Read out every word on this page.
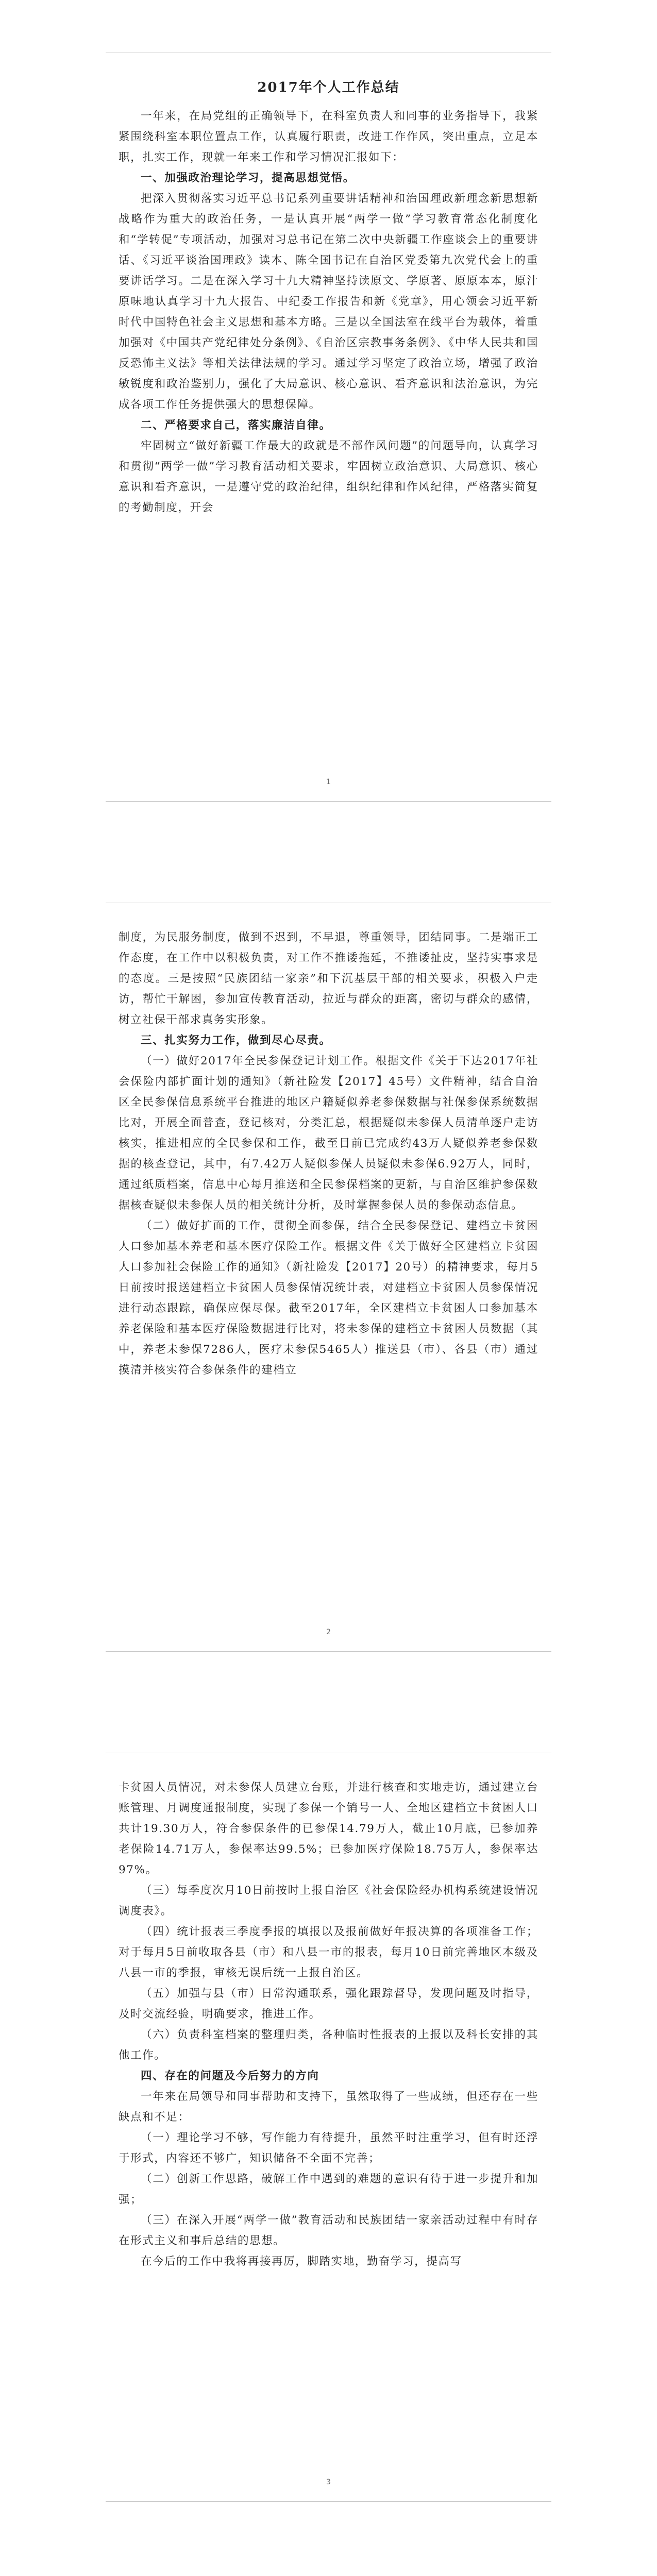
2017年个人工作总结

一年来，在局党组的正确领导下，在科室负责人和同事的业务指导下，我紧紧围绕科室本职位置点工作，认真履行职责，改进工作作风，突出重点，立足本职，扎实工作，现就一年来工作和学习情况汇报如下：

一、加强政治理论学习，提高思想觉悟。

把深入贯彻落实习近平总书记系列重要讲话精神和治国理政新理念新思想新战略作为重大的政治任务，一是认真开展“两学一做”学习教育常态化制度化和“学转促”专项活动，加强对习总书记在第二次中央新疆工作座谈会上的重要讲话、《习近平谈治国理政》读本、陈全国书记在自治区党委第九次党代会上的重要讲话学习。二是在深入学习十九大精神坚持读原文、学原著、原原本本，原汁原味地认真学习十九大报告、中纪委工作报告和新《党章》，用心领会习近平新时代中国特色社会主义思想和基本方略。三是以全国法室在线平台为载体，着重加强对《中国共产党纪律处分条例》、《自治区宗教事务条例》、《中华人民共和国反恐怖主义法》等相关法律法规的学习。通过学习坚定了政治立场，增强了政治敏锐度和政治鉴别力，强化了大局意识、核心意识、看齐意识和法治意识，为完成各项工作任务提供强大的思想保障。

二、严格要求自己，落实廉洁自律。

牢固树立“做好新疆工作最大的政就是不部作风问题”的问题导向，认真学习和贯彻“两学一做”学习教育活动相关要求，牢固树立政治意识、大局意识、核心意识和看齐意识，一是遵守党的政治纪律，组织纪律和作风纪律，严格落实简复的考勤制度，开会

1

制度，为民服务制度，做到不迟到，不早退，尊重领导，团结同事。二是端正工作态度，在工作中以积极负责，对工作不推诿拖延，不推诿扯皮，坚持实事求是的态度。三是按照“民族团结一家亲”和下沉基层干部的相关要求，积极入户走访，帮忙干解困，参加宣传教育活动，拉近与群众的距离，密切与群众的感情，树立社保干部求真务实形象。

三、扎实努力工作，做到尽心尽责。

（一）做好2017年全民参保登记计划工作。根据文件《关于下达2017年社会保险内部扩面计划的通知》（新社险发【2017】45号）文件精神，结合自治区全民参保信息系统平台推进的地区户籍疑似养老参保数据与社保参保系统数据比对，开展全面普查，登记核对，分类汇总，根据疑似未参保人员清单逐户走访核实，推进相应的全民参保和工作，截至目前已完成约43万人疑似养老参保数据的核查登记，其中，有7.42万人疑似参保人员疑似未参保6.92万人，同时，通过纸质档案，信息中心每月推送和全民参保档案的更新，与自治区维护参保数据核查疑似未参保人员的相关统计分析，及时掌握参保人员的参保动态信息。

（二）做好扩面的工作，贯彻全面参保，结合全民参保登记、建档立卡贫困人口参加基本养老和基本医疗保险工作。根据文件《关于做好全区建档立卡贫困人口参加社会保险工作的通知》（新社险发【2017】20号）的精神要求，每月5日前按时报送建档立卡贫困人员参保情况统计表，对建档立卡贫困人员参保情况进行动态跟踪，确保应保尽保。截至2017年，全区建档立卡贫困人口参加基本养老保险和基本医疗保险数据进行比对，将未参保的建档立卡贫困人员数据（其中，养老未参保7286人，医疗未参保5465人）推送县（市）、各县（市）通过摸清并核实符合参保条件的建档立

2

卡贫困人员情况，对未参保人员建立台账，并进行核查和实地走访，通过建立台账管理、月调度通报制度，实现了参保一个销号一人、全地区建档立卡贫困人口共计19.30万人，符合参保条件的已参保14.79万人，截止10月底，已参加养老保险14.71万人，参保率达99.5%；已参加医疗保险18.75万人，参保率达97%。

（三）每季度次月10日前按时上报自治区《社会保险经办机构系统建设情况调度表》。

（四）统计报表三季度季报的填报以及报前做好年报决算的各项准备工作；对于每月5日前收取各县（市）和八县一市的报表，每月10日前完善地区本级及八县一市的季报，审核无误后统一上报自治区。

（五）加强与县（市）日常沟通联系，强化跟踪督导，发现问题及时指导，及时交流经验，明确要求，推进工作。

（六）负责科室档案的整理归类，各种临时性报表的上报以及科长安排的其他工作。

四、存在的问题及今后努力的方向

一年来在局领导和同事帮助和支持下，虽然取得了一些成绩，但还存在一些缺点和不足：

（一）理论学习不够，写作能力有待提升，虽然平时注重学习，但有时还浮于形式，内容还不够广，知识储备不全面不完善；

（二）创新工作思路，破解工作中遇到的难题的意识有待于进一步提升和加强；

（三）在深入开展“两学一做”教育活动和民族团结一家亲活动过程中有时存在形式主义和事后总结的思想。

在今后的工作中我将再接再厉，脚踏实地，勤奋学习，提高写

3
